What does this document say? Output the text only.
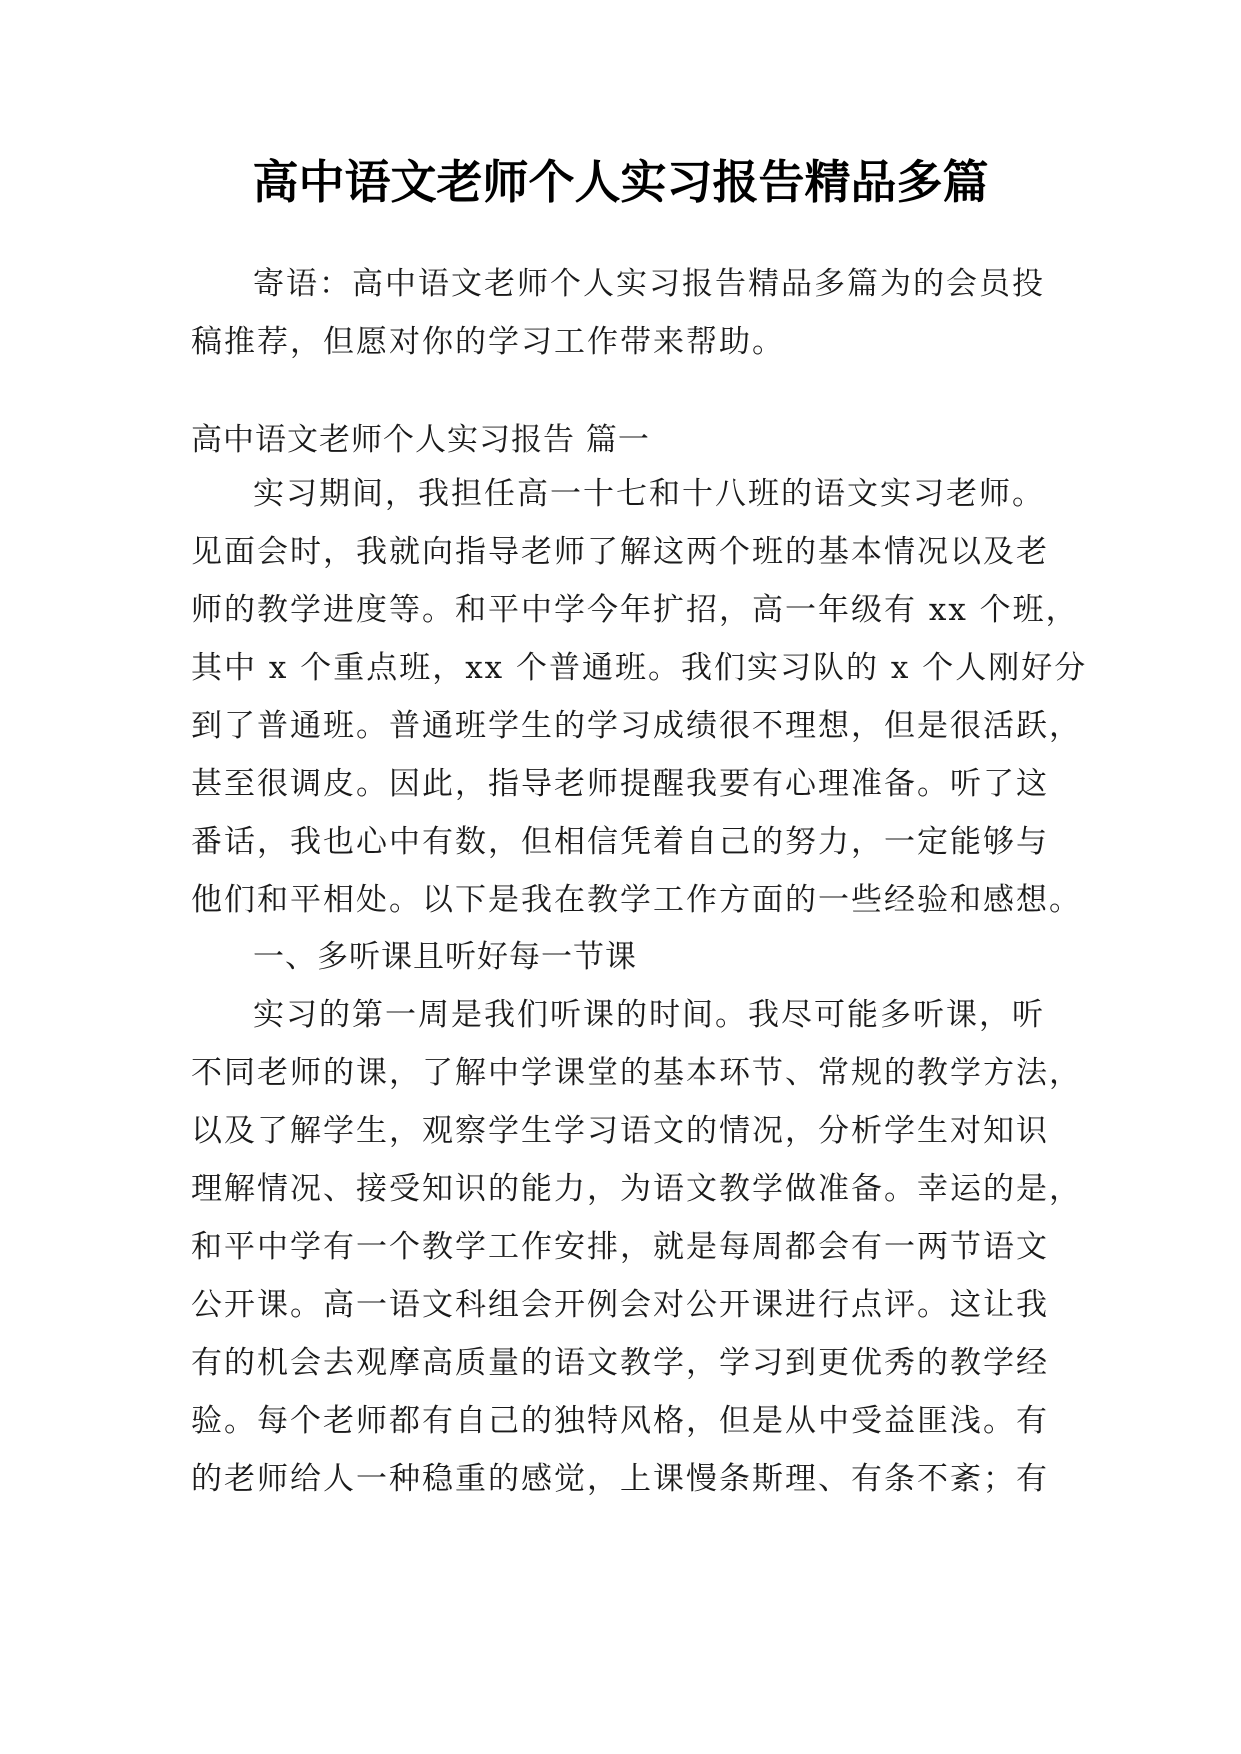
高中语文老师个人实习报告精品多篇
寄语：高中语文老师个人实习报告精品多篇为的会员投
稿推荐，但愿对你的学习工作带来帮助。
高中语文老师个人实习报告 篇一
实习期间，我担任高一十七和十八班的语文实习老师。
见面会时，我就向指导老师了解这两个班的基本情况以及老
师的教学进度等。和平中学今年扩招，高一年级有 xx 个班，
其中 x 个重点班，xx 个普通班。我们实习队的 x 个人刚好分
到了普通班。普通班学生的学习成绩很不理想，但是很活跃，
甚至很调皮。因此，指导老师提醒我要有心理准备。听了这
番话，我也心中有数，但相信凭着自己的努力，一定能够与
他们和平相处。以下是我在教学工作方面的一些经验和感想。
一、多听课且听好每一节课
实习的第一周是我们听课的时间。我尽可能多听课，听
不同老师的课，了解中学课堂的基本环节、常规的教学方法，
以及了解学生，观察学生学习语文的情况，分析学生对知识
理解情况、接受知识的能力，为语文教学做准备。幸运的是，
和平中学有一个教学工作安排，就是每周都会有一两节语文
公开课。高一语文科组会开例会对公开课进行点评。这让我
有的机会去观摩高质量的语文教学，学习到更优秀的教学经
验。每个老师都有自己的独特风格，但是从中受益匪浅。有
的老师给人一种稳重的感觉，上课慢条斯理、有条不紊；有
